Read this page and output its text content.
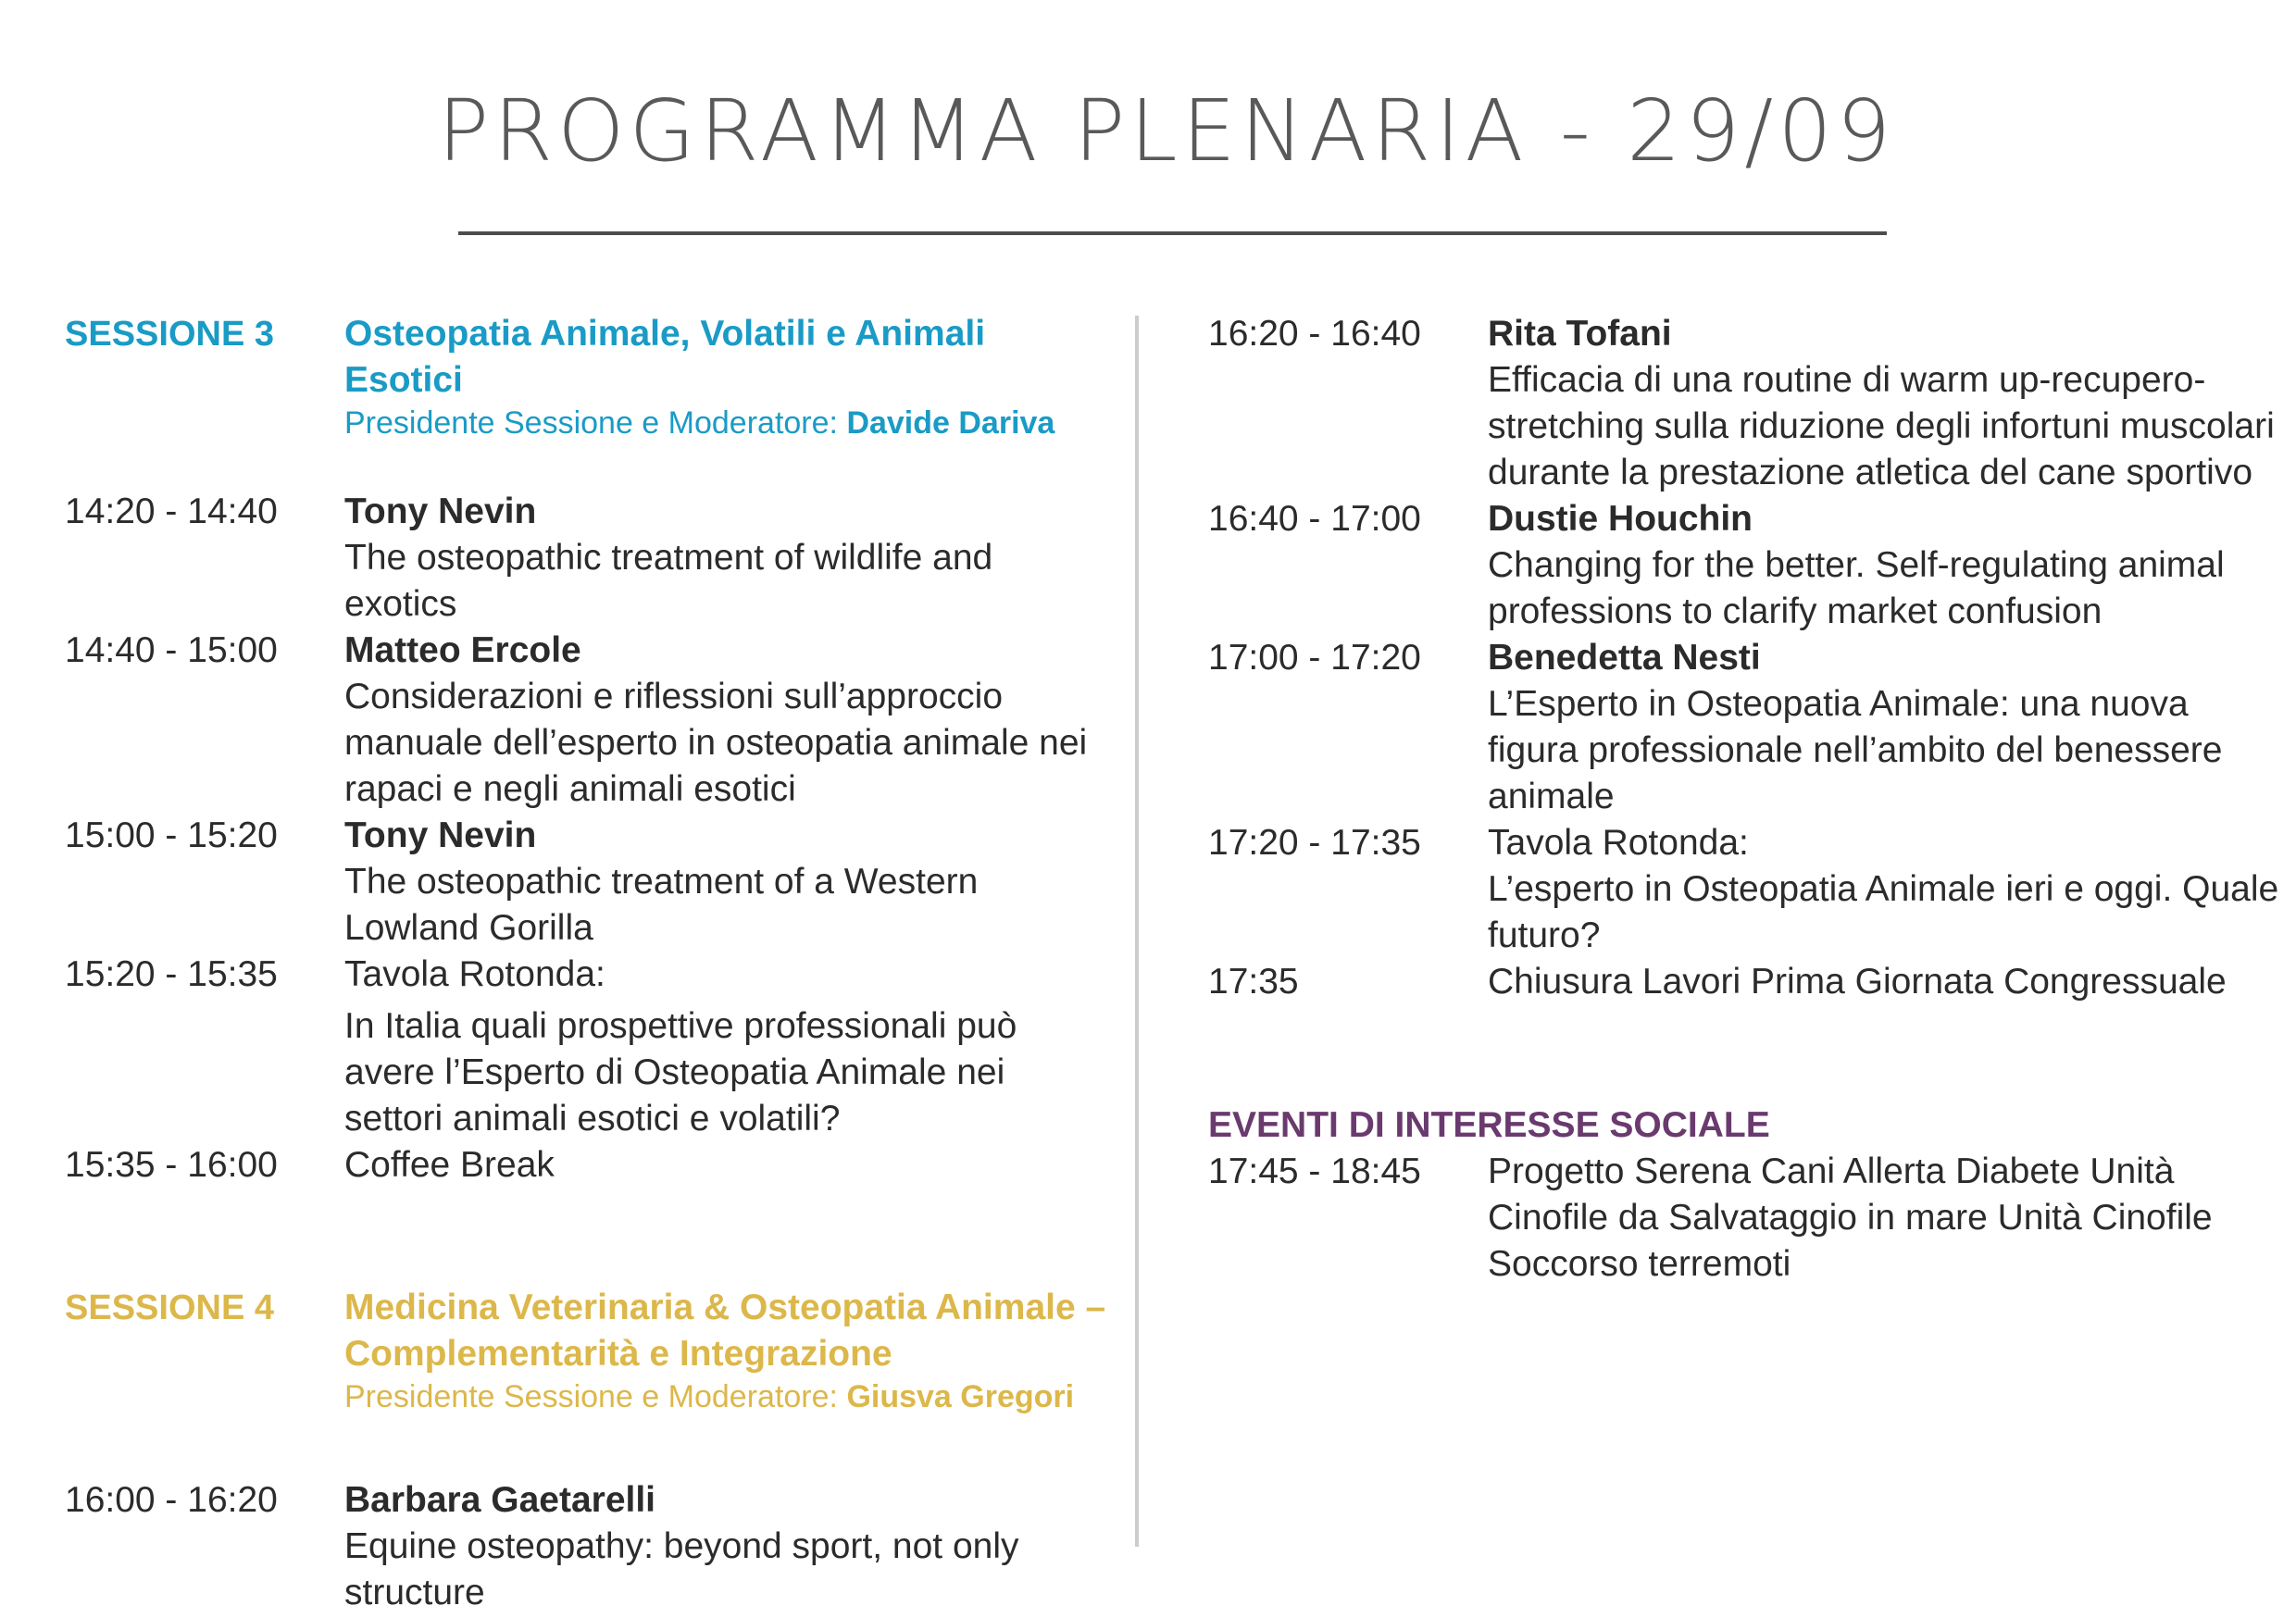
PROGRAMMA PLENARIA - 29/09
SESSIONE 3	Osteopatia Animale, Volatili e Animali Esotici
Presidente Sessione e Moderatore: Davide Dariva
14:20 - 14:40	Tony Nevin
The osteopathic treatment of wildlife and exotics
14:40 - 15:00	Matteo Ercole
Considerazioni e riflessioni sull’approccio manuale dell’esperto in osteopatia animale nei rapaci e negli animali esotici
15:00 - 15:20	Tony Nevin
The osteopathic treatment of a Western Lowland Gorilla
15:20 - 15:35	Tavola Rotonda:
In Italia quali prospettive professionali può avere l’Esperto di Osteopatia Animale nei settori animali esotici e volatili?
15:35 - 16:00	Coffee Break
SESSIONE 4	Medicina Veterinaria & Osteopatia Animale – Complementarità e Integrazione
Presidente Sessione e Moderatore: Giusva Gregori
16:00 - 16:20	Barbara Gaetarelli
Equine osteopathy: beyond sport, not only structure
16:20 - 16:40	Rita Tofani
Efficacia di una routine di warm up-recupero-stretching sulla riduzione degli infortuni muscolari durante la prestazione atletica del cane sportivo
16:40 - 17:00	Dustie Houchin
Changing for the better. Self-regulating animal professions to clarify market confusion
17:00 - 17:20	Benedetta Nesti
L’Esperto in Osteopatia Animale: una nuova figura professionale nell’ambito del benessere animale
17:20 - 17:35	Tavola Rotonda:
L’esperto in Osteopatia Animale ieri e oggi. Quale futuro?
17:35	Chiusura Lavori Prima Giornata Congressuale
EVENTI DI INTERESSE SOCIALE
17:45 - 18:45	Progetto Serena Cani Allerta Diabete Unità Cinofile da Salvataggio in mare Unità Cinofile Soccorso terremoti
